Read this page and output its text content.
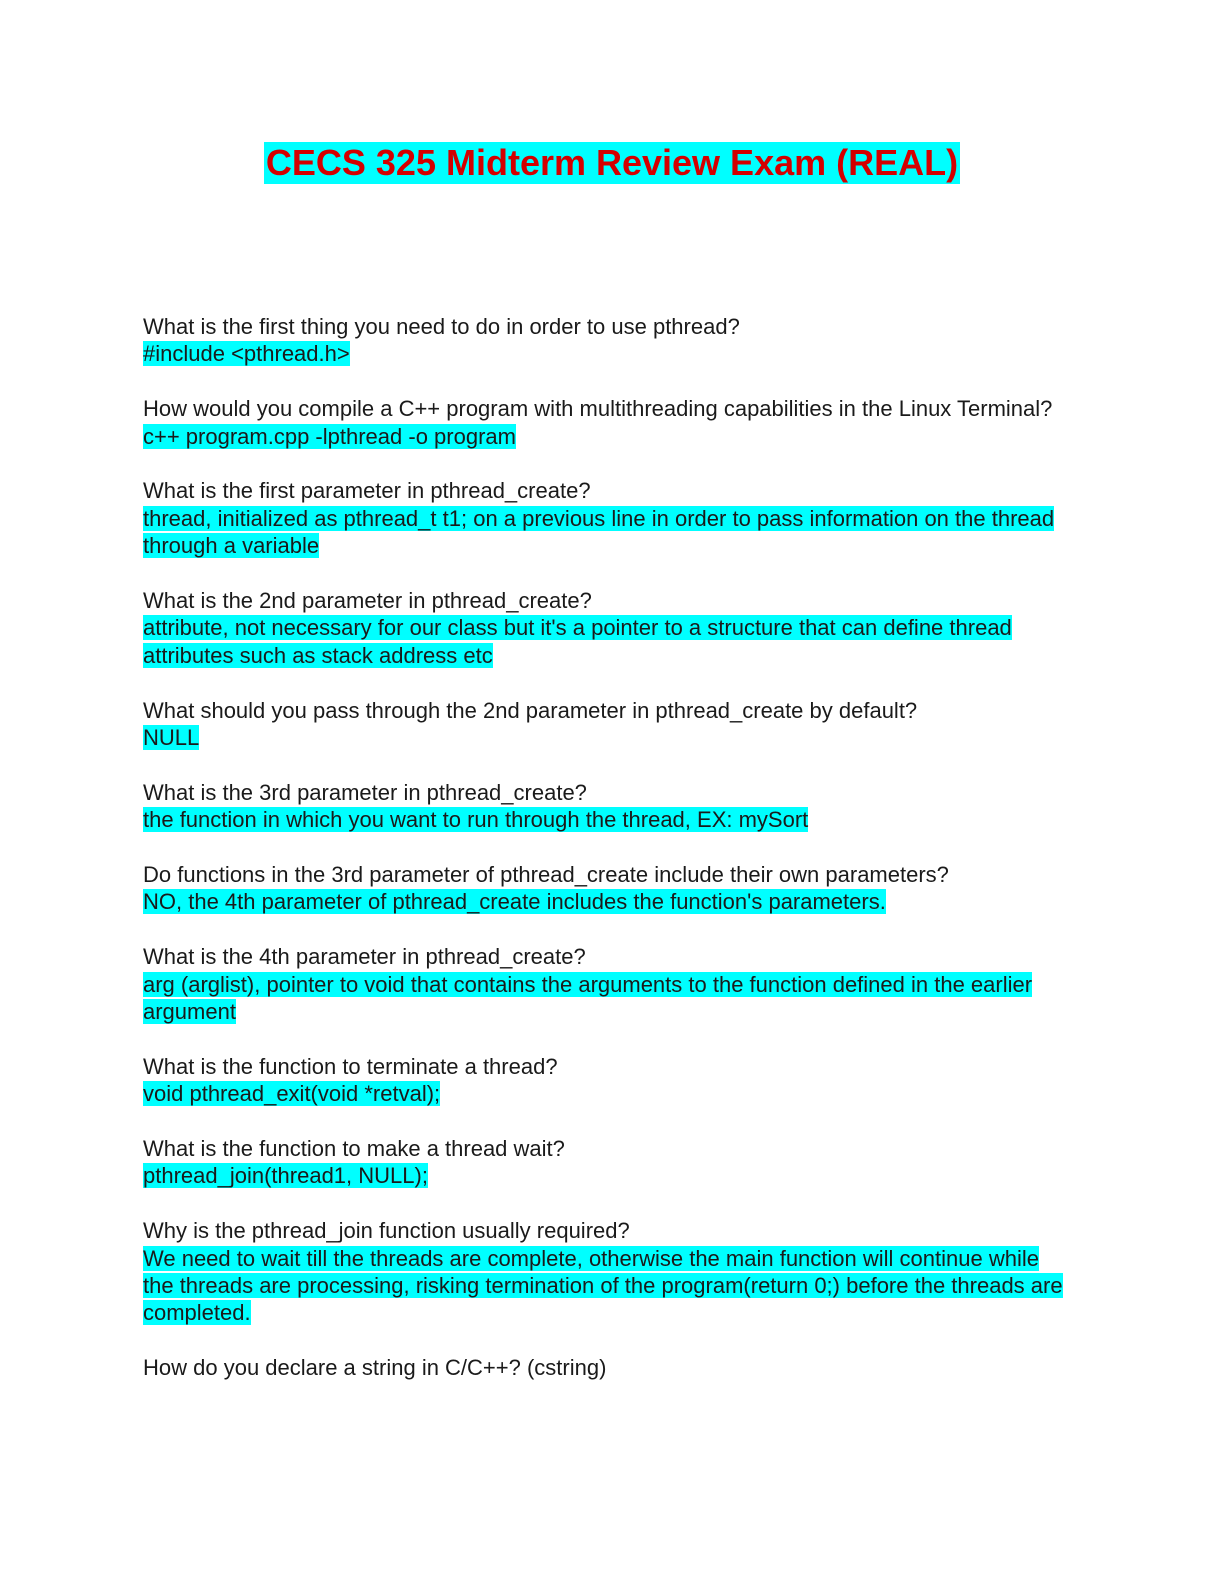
CECS 325 Midterm Review Exam (REAL)
What is the first thing you need to do in order to use pthread?
#include <pthread.h>
How would you compile a C++ program with multithreading capabilities in the Linux Terminal?
c++ program.cpp -lpthread -o program
What is the first parameter in pthread_create?
thread, initialized as pthread_t t1; on a previous line in order to pass information on the thread through a variable
What is the 2nd parameter in pthread_create?
attribute, not necessary for our class but it's a pointer to a structure that can define thread attributes such as stack address etc
What should you pass through the 2nd parameter in pthread_create by default?
NULL
What is the 3rd parameter in pthread_create?
the function in which you want to run through the thread, EX: mySort
Do functions in the 3rd parameter of pthread_create include their own parameters?
NO, the 4th parameter of pthread_create includes the function's parameters.
What is the 4th parameter in pthread_create?
arg (arglist), pointer to void that contains the arguments to the function defined in the earlier argument
What is the function to terminate a thread?
void pthread_exit(void *retval);
What is the function to make a thread wait?
pthread_join(thread1, NULL);
Why is the pthread_join function usually required?
We need to wait till the threads are complete, otherwise the main function will continue while the threads are processing, risking termination of the program(return 0;) before the threads are completed.
How do you declare a string in C/C++? (cstring)
